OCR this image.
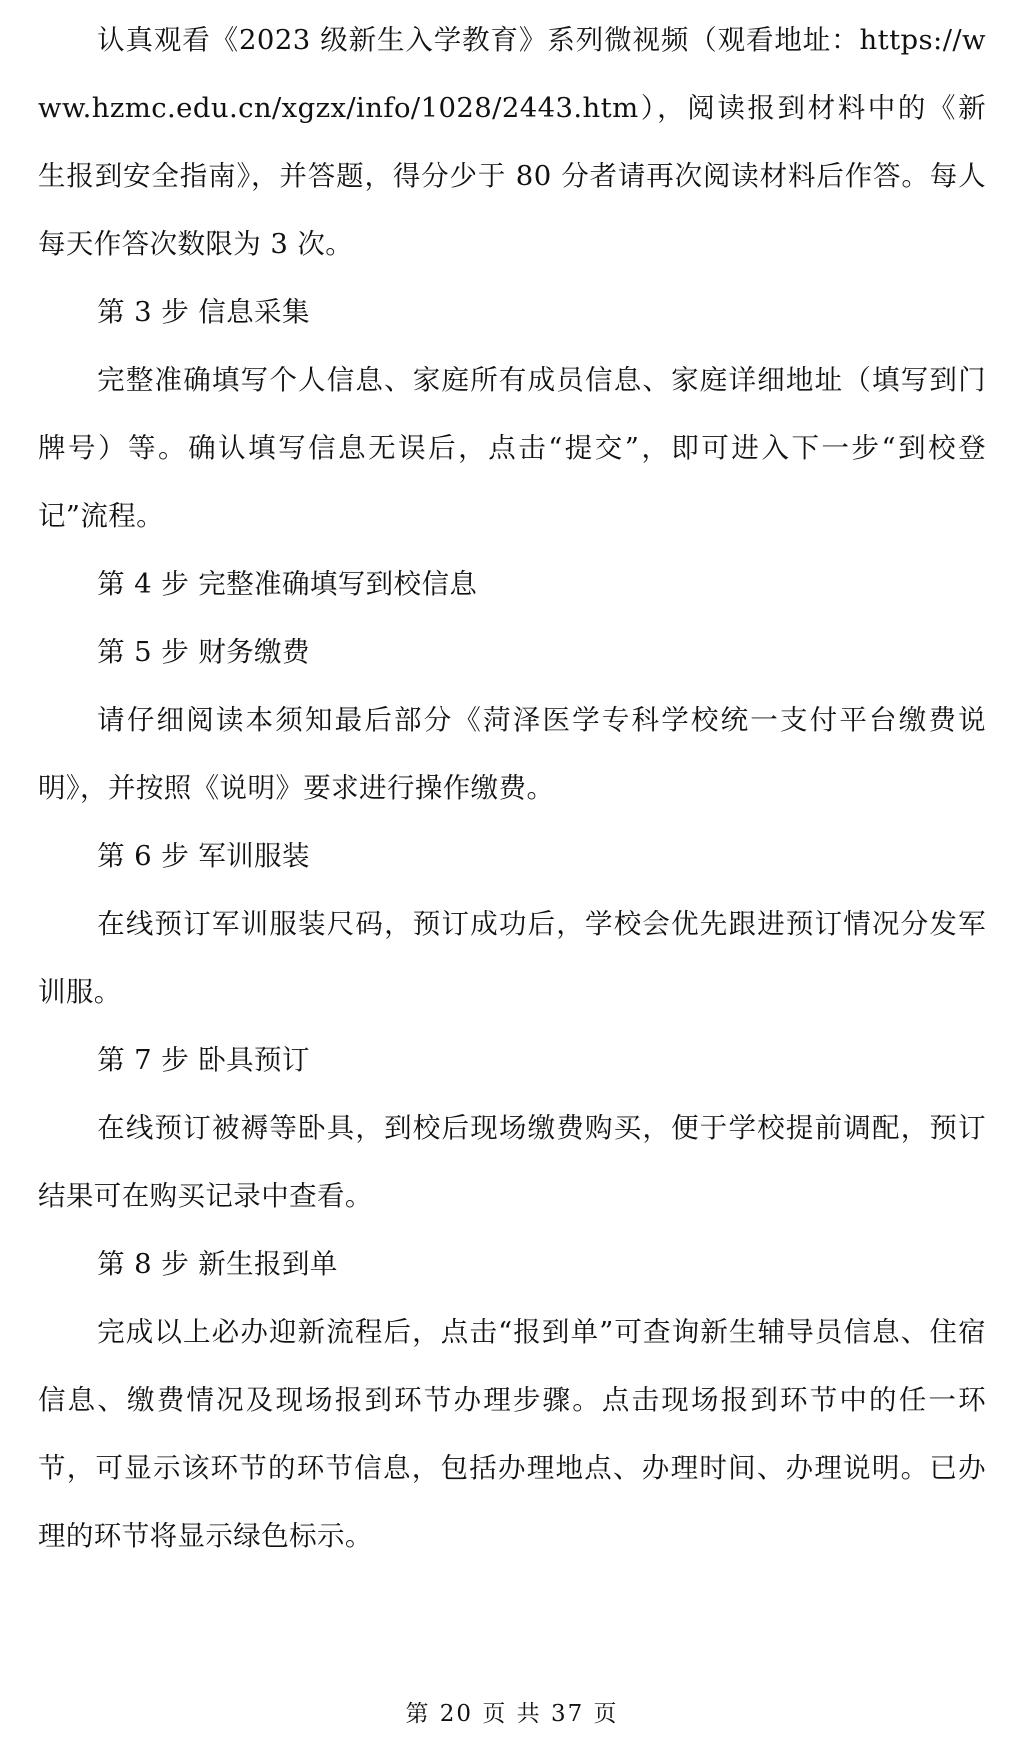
认真观看《2023 级新生入学教育》系列微视频（观看地址：https://www.hzmc.edu.cn/xgzx/info/1028/2443.htm），阅读报到材料中的《新生报到安全指南》，并答题，得分少于 80 分者请再次阅读材料后作答。每人每天作答次数限为 3 次。

第 3 步 信息采集

完整准确填写个人信息、家庭所有成员信息、家庭详细地址（填写到门牌号）等。确认填写信息无误后，点击“提交”，即可进入下一步“到校登记”流程。

第 4 步 完整准确填写到校信息

第 5 步 财务缴费

请仔细阅读本须知最后部分《菏泽医学专科学校统一支付平台缴费说明》，并按照《说明》要求进行操作缴费。

第 6 步 军训服装

在线预订军训服装尺码，预订成功后，学校会优先跟进预订情况分发军训服。

第 7 步 卧具预订

在线预订被褥等卧具，到校后现场缴费购买，便于学校提前调配，预订结果可在购买记录中查看。

第 8 步 新生报到单

完成以上必办迎新流程后，点击“报到单”可查询新生辅导员信息、住宿信息、缴费情况及现场报到环节办理步骤。点击现场报到环节中的任一环节，可显示该环节的环节信息，包括办理地点、办理时间、办理说明。已办理的环节将显示绿色标示。

第 20 页 共 37 页
